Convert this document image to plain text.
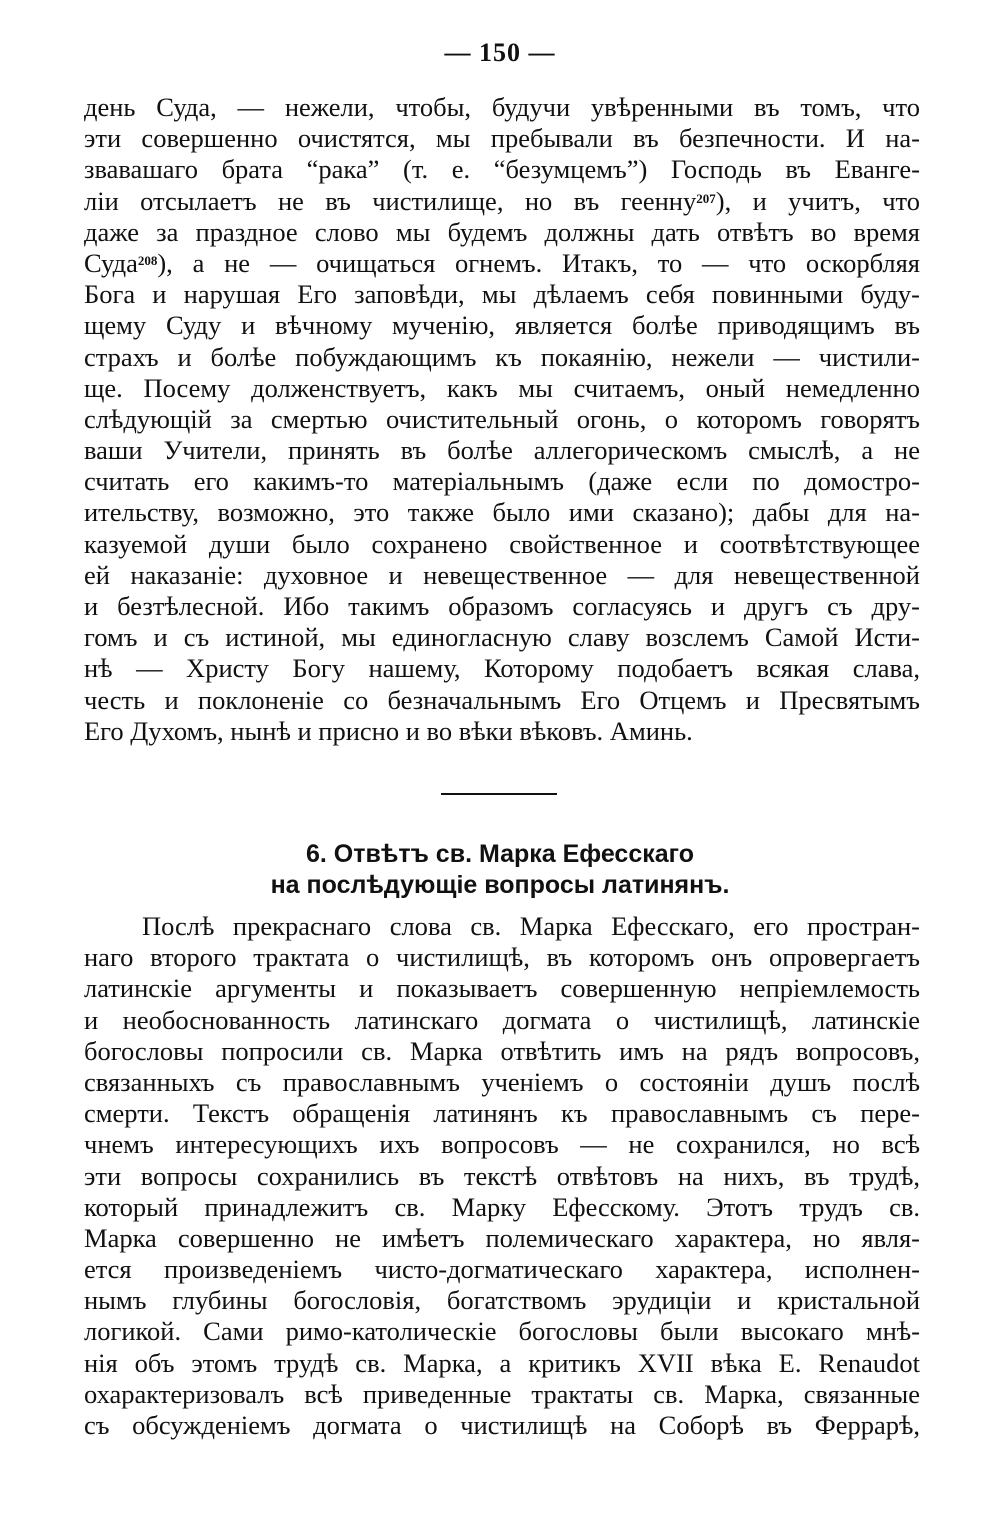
— 150 —
день Суда, — нежели, чтобы, будучи увѣренными въ томъ, что
эти совершенно очистятся, мы пребывали въ безпечности. И на-
звавашаго брата “рака” (т. е. “безумцемъ”) Господь въ Еванге-
ліи отсылаетъ не въ чистилище, но въ геенну$^{207}$), и учитъ, что
даже за праздное слово мы будемъ должны дать отвѣтъ во время
Суда$^{208}$), а не — очищаться огнемъ. Итакъ, то — что оскорбляя
Бога и нарушая Его заповѣди, мы дѣлаемъ себя повинными буду-
щему Суду и вѣчному мученію, является болѣе приводящимъ въ
страхъ и болѣе побуждающимъ къ покаянію, нежели — чистили-
ще. Посему долженствуетъ, какъ мы считаемъ, оный немедленно
слѣдующій за смертью очистительный огонь, о которомъ говорятъ
ваши Учители, принять въ болѣе аллегорическомъ смыслѣ, а не
считать его какимъ-то матеріальнымъ (даже если по домостро-
ительству, возможно, это также было ими сказано); дабы для на-
казуемой души было сохранено свойственное и соотвѣтствующее
ей наказаніе: духовное и невещественное — для невещественной
и безтѣлесной. Ибо такимъ образомъ согласуясь и другъ съ дру-
гомъ и съ истиной, мы единогласную славу возслемъ Самой Исти-
нѣ — Христу Богу нашему, Которому подобаетъ всякая слава,
честь и поклоненіе со безначальнымъ Его Отцемъ и Пресвятымъ
Его Духомъ, нынѣ и присно и во вѣки вѣковъ. Аминь.
6. Отвѣтъ св. Марка Ефесскаго
на послѣдующіе вопросы латинянъ.
Послѣ прекраснаго слова св. Марка Ефесскаго, его простран-
наго второго трактата о чистилищѣ, въ которомъ онъ опровергаетъ
латинскіе аргументы и показываетъ совершенную непріемлемость
и необоснованность латинскаго догмата о чистилищѣ, латинскіе
богословы попросили св. Марка отвѣтить имъ на рядъ вопросовъ,
связанныхъ съ православнымъ ученіемъ о состояніи душъ послѣ
смерти. Текстъ обращенія латинянъ къ православнымъ съ пере-
чнемъ интересующихъ ихъ вопросовъ — не сохранился, но всѣ
эти вопросы сохранились въ текстѣ отвѣтовъ на нихъ, въ трудѣ,
который принадлежитъ св. Марку Ефесскому. Этотъ трудъ св.
Марка совершенно не имѣетъ полемическаго характера, но явля-
ется произведеніемъ чисто-догматическаго характера, исполнен-
нымъ глубины богословія, богатствомъ эрудиціи и кристальной
логикой. Сами римо-католическіе богословы были высокаго мнѣ-
нія объ этомъ трудѣ св. Марка, а критикъ XVII вѣка Е. Renaudot
охарактеризовалъ всѣ приведенные трактаты св. Марка, связанные
съ обсужденіемъ догмата о чистилищѣ на Соборѣ въ Феррарѣ,
